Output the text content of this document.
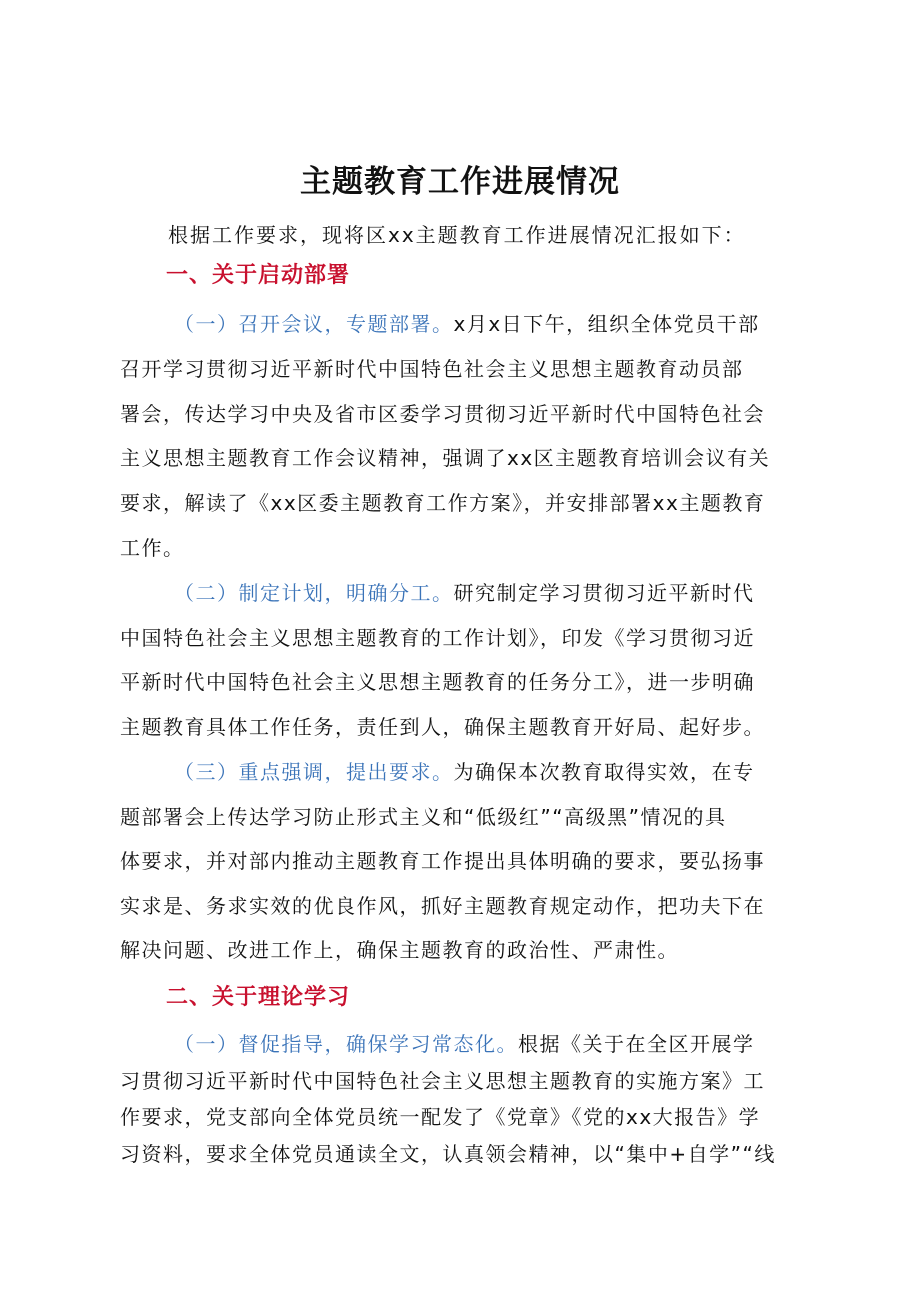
主题教育工作进展情况
根据工作要求，现将区xx主题教育工作进展情况汇报如下：
一、关于启动部署
（一）召开会议，专题部署。x月x日下午，组织全体党员干部
召开学习贯彻习近平新时代中国特色社会主义思想主题教育动员部
署会，传达学习中央及省市区委学习贯彻习近平新时代中国特色社会
主义思想主题教育工作会议精神，强调了xx区主题教育培训会议有关
要求，解读了《xx区委主题教育工作方案》，并安排部署xx主题教育
工作。
（二）制定计划，明确分工。研究制定学习贯彻习近平新时代
中国特色社会主义思想主题教育的工作计划》，印发《学习贯彻习近
平新时代中国特色社会主义思想主题教育的任务分工》，进一步明确
主题教育具体工作任务，责任到人，确保主题教育开好局、起好步。
（三）重点强调，提出要求。为确保本次教育取得实效，在专
题部署会上传达学习防止形式主义和“低级红”“高级黑”情况的具
体要求，并对部内推动主题教育工作提出具体明确的要求，要弘扬事
实求是、务求实效的优良作风，抓好主题教育规定动作，把功夫下在
解决问题、改进工作上，确保主题教育的政治性、严肃性。
二、关于理论学习
（一）督促指导，确保学习常态化。根据《关于在全区开展学
习贯彻习近平新时代中国特色社会主义思想主题教育的实施方案》工
作要求，党支部向全体党员统一配发了《党章》《党的xx大报告》学
习资料，要求全体党员通读全文，认真领会精神，以“集中+自学”“线
